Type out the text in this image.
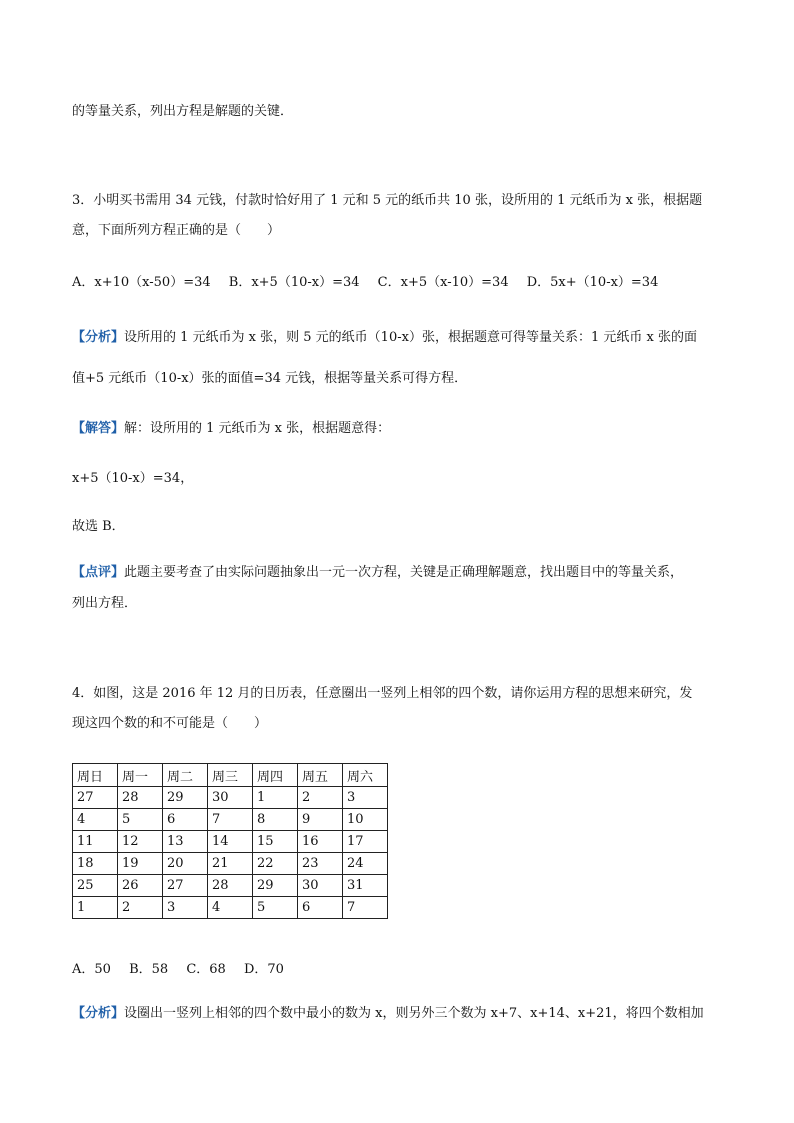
的等量关系，列出方程是解题的关键．
3．小明买书需用 34 元钱，付款时恰好用了 1 元和 5 元的纸币共 10 张，设所用的 1 元纸币为 x 张，根据题
意，下面所列方程正确的是（　　）
A．x+10（x-50）=34 B．x+5（10-x）=34 C．x+5（x-10）=34 D．5x+（10-x）=34
【分析】设所用的 1 元纸币为 x 张，则 5 元的纸币（10-x）张，根据题意可得等量关系：1 元纸币 x 张的面
值+5 元纸币（10-x）张的面值=34 元钱，根据等量关系可得方程．
【解答】解：设所用的 1 元纸币为 x 张，根据题意得：
x+5（10-x）=34，
故选 B．
【点评】此题主要考查了由实际问题抽象出一元一次方程，关键是正确理解题意，找出题目中的等量关系，
列出方程．
4．如图，这是 2016 年 12 月的日历表，任意圈出一竖列上相邻的四个数，请你运用方程的思想来研究，发
现这四个数的和不可能是（　　）
周日	周一	周二	周三	周四	周五	周六
27	28	29	30	1	2	3
4	5	6	7	8	9	10
11	12	13	14	15	16	17
18	19	20	21	22	23	24
25	26	27	28	29	30	31
1	2	3	4	5	6	7
A．50 B．58 C．68 D．70
【分析】设圈出一竖列上相邻的四个数中最小的数为 x，则另外三个数为 x+7、x+14、x+21，将四个数相加
